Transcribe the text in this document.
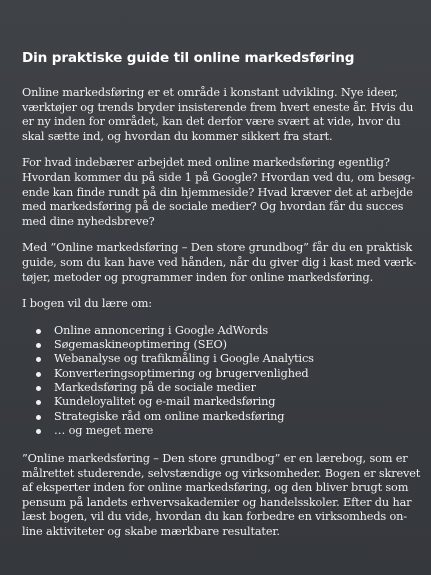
Din praktiske guide til online markedsføring

Online markedsføring er et område i konstant udvikling. Nye ideer,
værktøjer og trends bryder insisterende frem hvert eneste år. Hvis du
er ny inden for området, kan det derfor være svært at vide, hvor du
skal sætte ind, og hvordan du kommer sikkert fra start.

For hvad indebærer arbejdet med online markedsføring egentlig?
Hvordan kommer du på side 1 på Google? Hvordan ved du, om besøg-
ende kan finde rundt på din hjemmeside? Hvad kræver det at arbejde
med markedsføring på de sociale medier? Og hvordan får du succes
med dine nyhedsbreve?

Med ”Online markedsføring – Den store grundbog” får du en praktisk
guide, som du kan have ved hånden, når du giver dig i kast med værk-
tøjer, metoder og programmer inden for online markedsføring.

I bogen vil du lære om:

Online annoncering i Google AdWords
Søgemaskineoptimering (SEO)
Webanalyse og trafikmåling i Google Analytics
Konverteringsoptimering og brugervenlighed
Markedsføring på de sociale medier
Kundeloyalitet og e-mail markedsføring
Strategiske råd om online markedsføring
… og meget mere

”Online markedsføring – Den store grundbog” er en lærebog, som er
målrettet studerende, selvstændige og virksomheder. Bogen er skrevet
af eksperter inden for online markedsføring, og den bliver brugt som
pensum på landets erhvervsakademier og handelsskoler. Efter du har
læst bogen, vil du vide, hvordan du kan forbedre en virksomheds on-
line aktiviteter og skabe mærkbare resultater.
